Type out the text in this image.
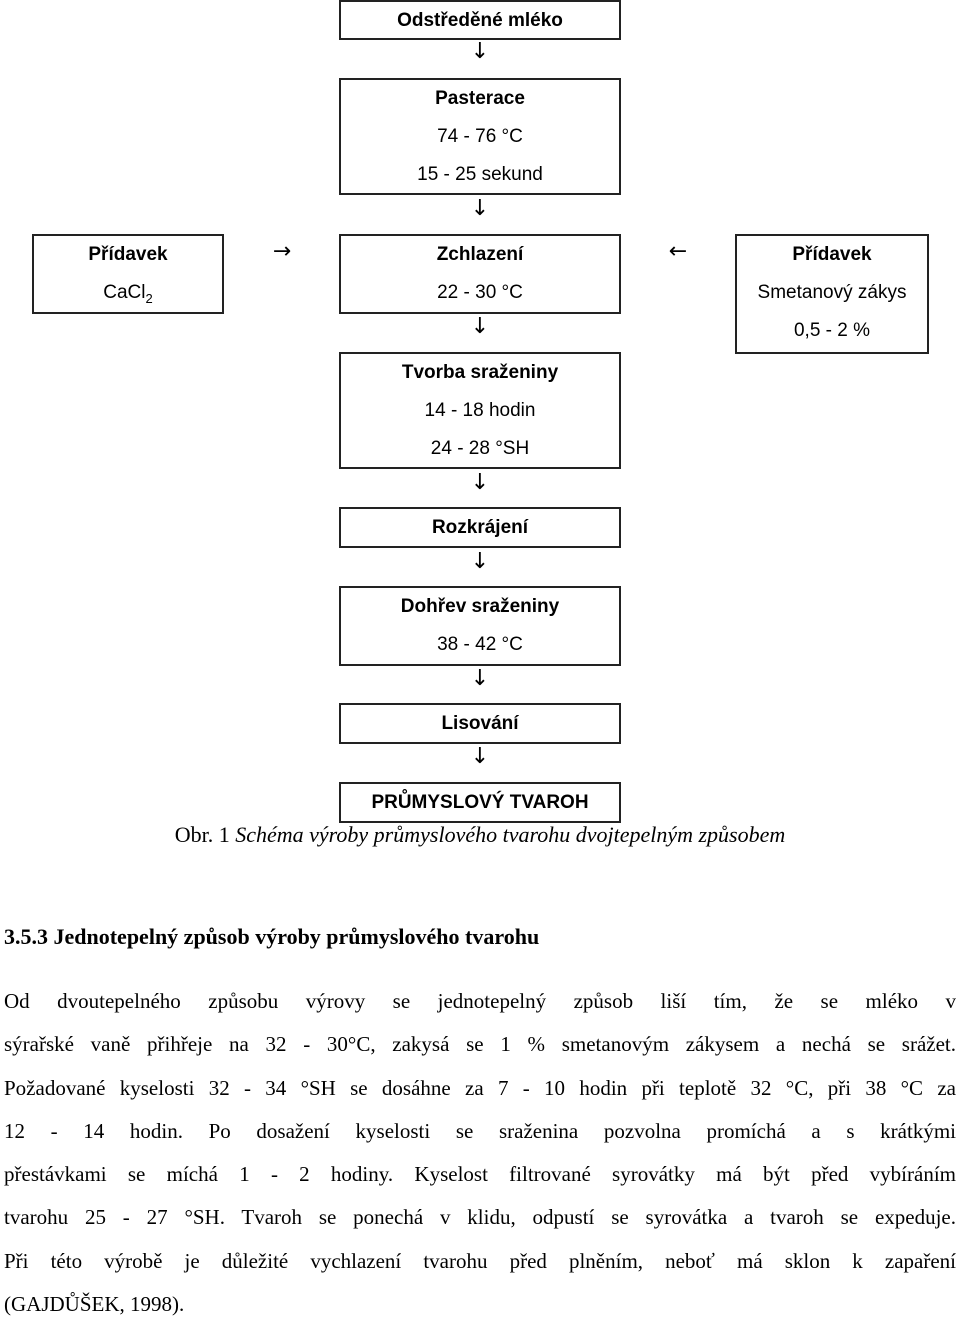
Odstředěné mléko
↓
Pasterace
74 - 76 °C
15 - 25 sekund
↓
Přídavek
CaCl$_2$
→	Zchlazení
22 - 30 °C
←	Přídavek
Smetanový zákys
0,5 - 2 %
↓
Tvorba sraženiny
14 - 18 hodin
24 - 28 °SH
↓
Rozkrájení
↓
Dohřev sraženiny
38 - 42 °C
↓
Lisování
↓
PRŮMYSLOVÝ TVAROH
Obr. 1 Schéma výroby průmyslového tvarohu dvojtepelným způsobem
3.5.3 Jednotepelný způsob výroby průmyslového tvarohu
Od dvoutepelného způsobu výrovy se jednotepelný způsob liší tím, že se mléko v
sýrařské vaně přihřeje na 32 - 30°C, zakysá se 1 % smetanovým zákysem a nechá se srážet.
Požadované kyselosti 32 - 34 °SH se dosáhne za 7 - 10 hodin při teplotě 32 °C, při 38 °C za
12 - 14 hodin. Po dosažení kyselosti se sraženina pozvolna promíchá a s krátkými
přestávkami se míchá 1 - 2 hodiny. Kyselost filtrované syrovátky má být před vybíráním
tvarohu 25 - 27 °SH. Tvaroh se ponechá v klidu, odpustí se syrovátka a tvaroh se expeduje.
Při této výrobě je důležité vychlazení tvarohu před plněním, neboť má sklon k zapaření
(GAJDŮŠEK, 1998).
